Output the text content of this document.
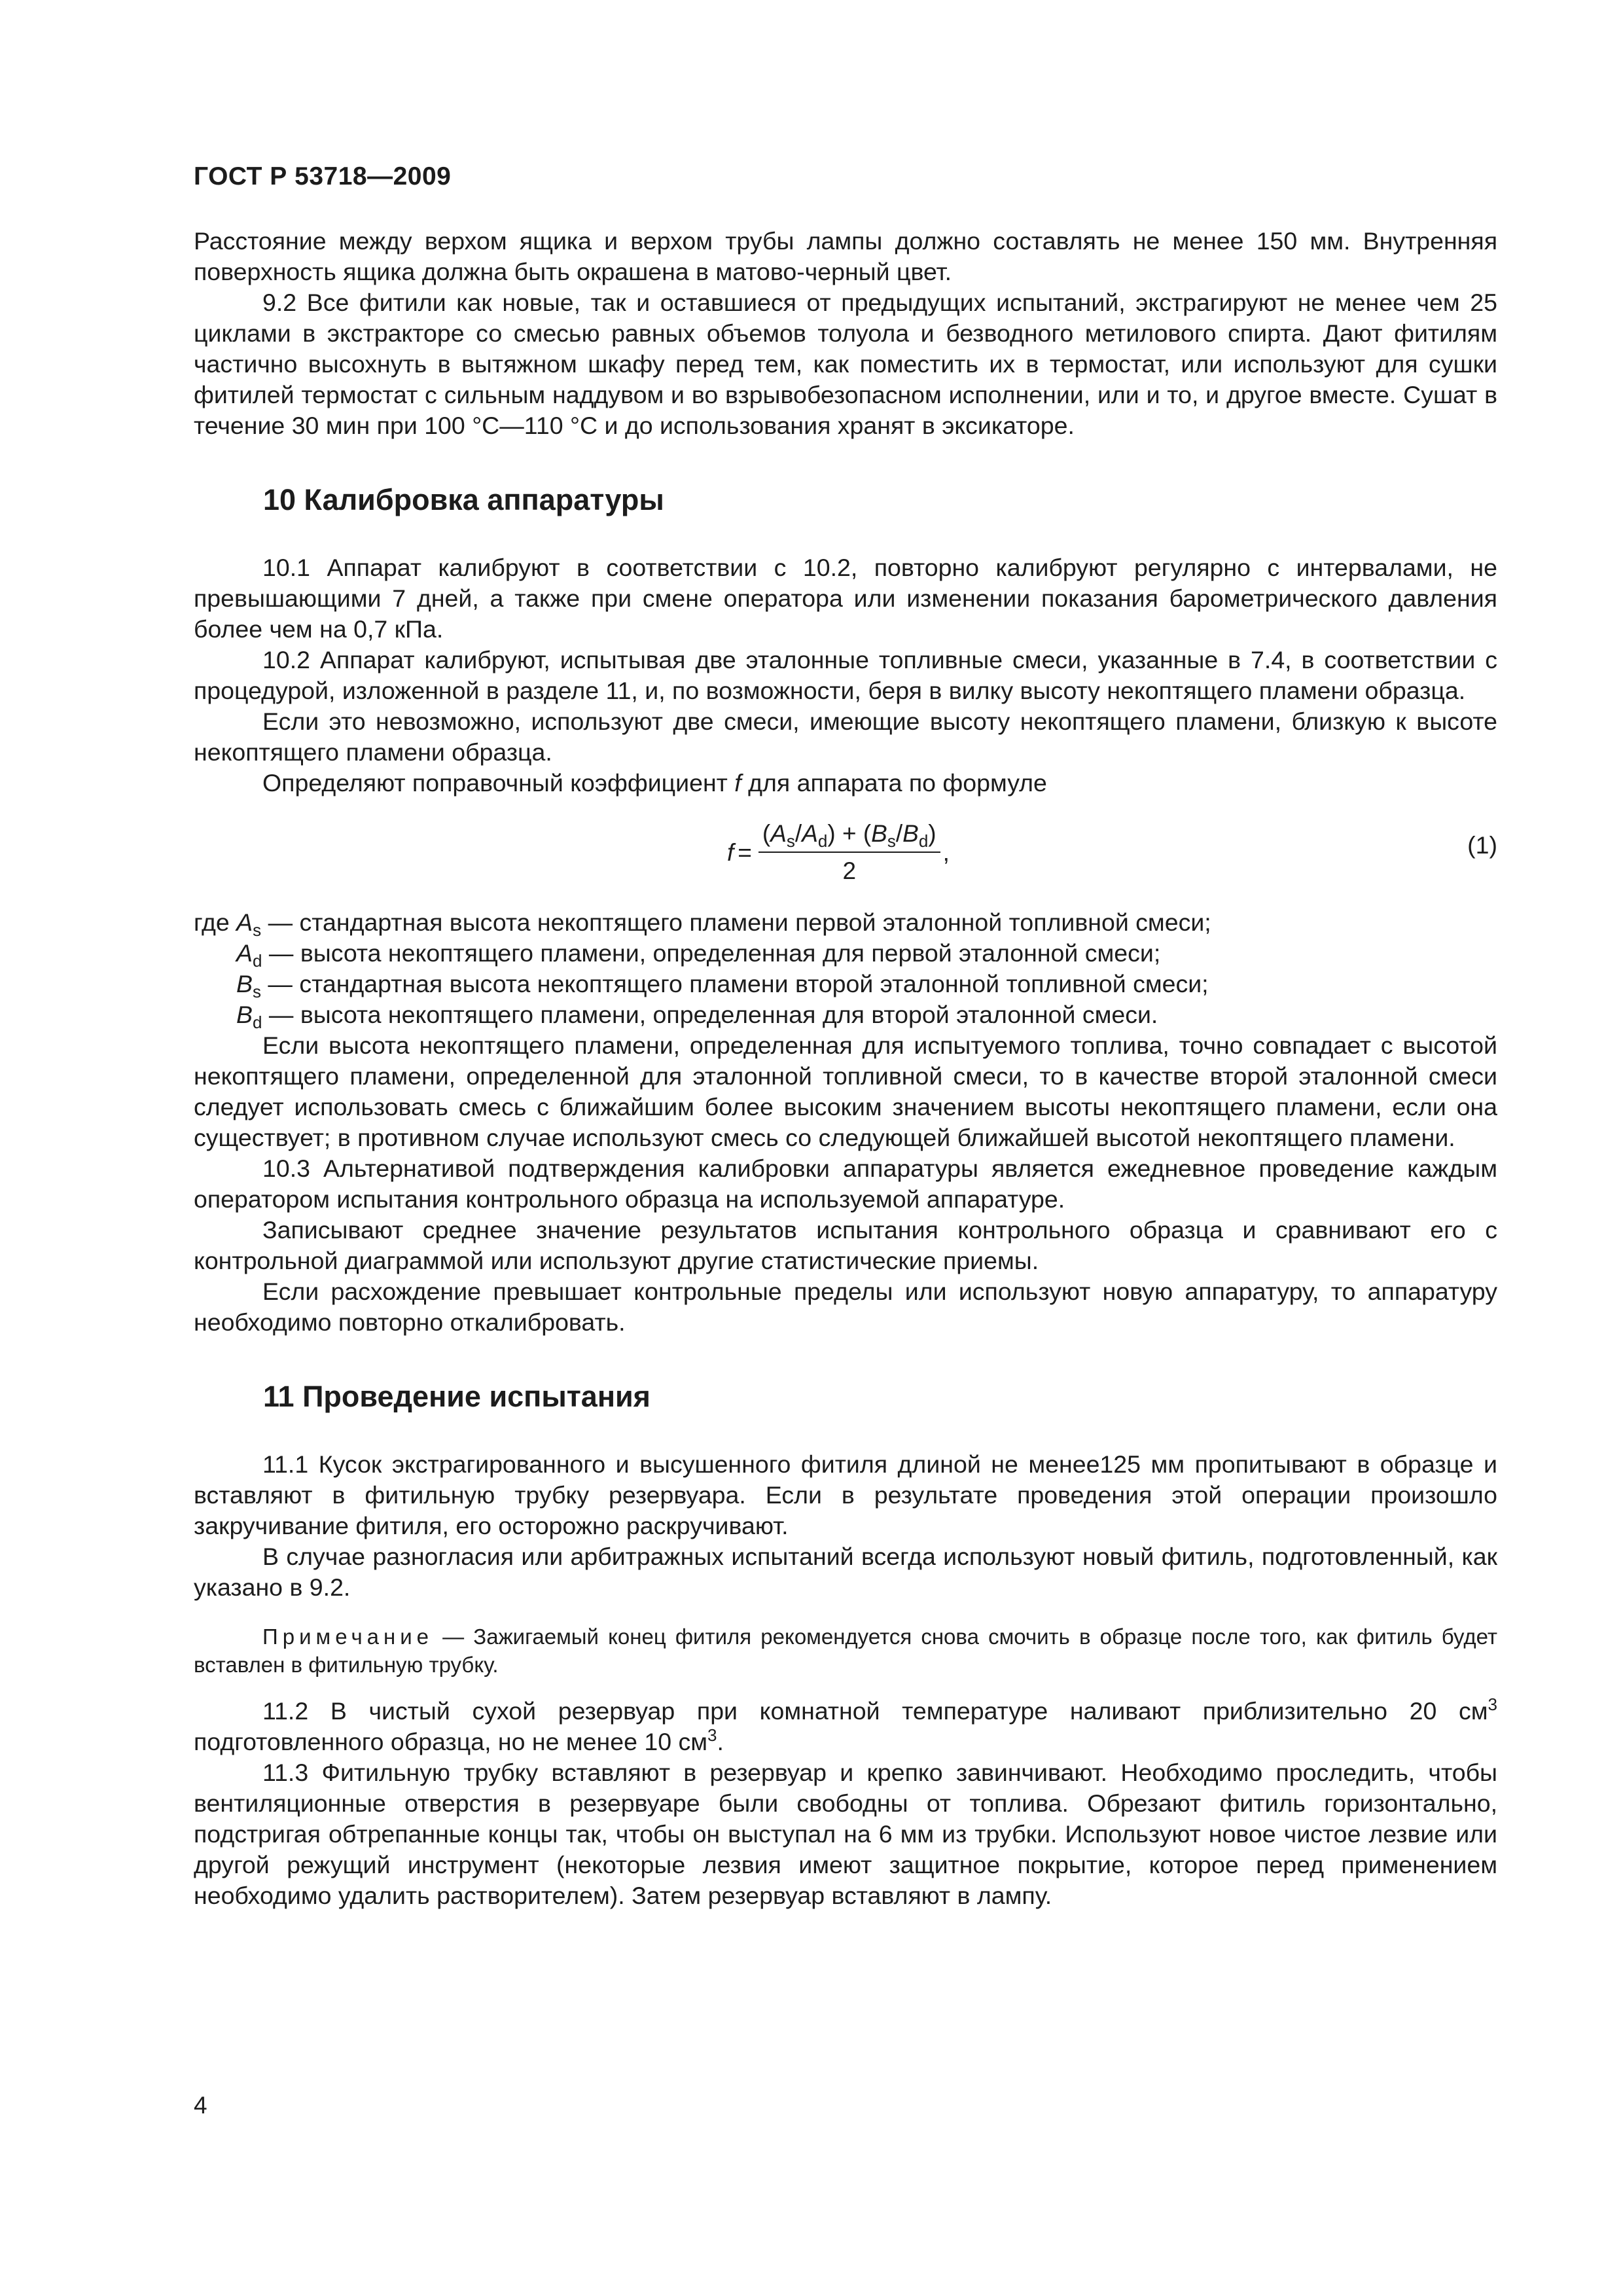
ГОСТ Р 53718—2009

Расстояние между верхом ящика и верхом трубы лампы должно составлять не менее 150 мм. Внутренняя поверхность ящика должна быть окрашена в матово-черный цвет.

9.2 Все фитили как новые, так и оставшиеся от предыдущих испытаний, экстрагируют не менее чем 25 циклами в экстракторе со смесью равных объемов толуола и безводного метилового спирта. Дают фитилям частично высохнуть в вытяжном шкафу перед тем, как поместить их в термостат, или используют для сушки фитилей термостат с сильным наддувом и во взрывобезопасном исполнении, или и то, и другое вместе. Сушат в течение 30 мин при 100 °С—110 °С и до использования хранят в эксикаторе.

10 Калибровка аппаратуры

10.1 Аппарат калибруют в соответствии с 10.2, повторно калибруют регулярно с интервалами, не превышающими 7 дней, а также при смене оператора или изменении показания барометрического давления более чем на 0,7 кПа.

10.2 Аппарат калибруют, испытывая две эталонные топливные смеси, указанные в 7.4, в соответствии с процедурой, изложенной в разделе 11, и, по возможности, беря в вилку высоту некоптящего пламени образца.

Если это невозможно, используют две смеси, имеющие высоту некоптящего пламени, близкую к высоте некоптящего пламени образца.

Определяют поправочный коэффициент f для аппарата по формуле

$f = \frac{(A_s/A_d) + (B_s/B_d)}{2}$ ,	(1)

где $A_s$ — стандартная высота некоптящего пламени первой эталонной топливной смеси;

$A_d$ — высота некоптящего пламени, определенная для первой эталонной смеси;

$B_s$ — стандартная высота некоптящего пламени второй эталонной топливной смеси;

$B_d$ — высота некоптящего пламени, определенная для второй эталонной смеси.

Если высота некоптящего пламени, определенная для испытуемого топлива, точно совпадает с высотой некоптящего пламени, определенной для эталонной топливной смеси, то в качестве второй эталонной смеси следует использовать смесь с ближайшим более высоким значением высоты некоптящего пламени, если она существует; в противном случае используют смесь со следующей ближайшей высотой некоптящего пламени.

10.3 Альтернативой подтверждения калибровки аппаратуры является ежедневное проведение каждым оператором испытания контрольного образца на используемой аппаратуре.

Записывают среднее значение результатов испытания контрольного образца и сравнивают его с контрольной диаграммой или используют другие статистические приемы.

Если расхождение превышает контрольные пределы или используют новую аппаратуру, то аппаратуру необходимо повторно откалибровать.

11 Проведение испытания

11.1 Кусок экстрагированного и высушенного фитиля длиной не менее125 мм пропитывают в образце и вставляют в фитильную трубку резервуара. Если в результате проведения этой операции произошло закручивание фитиля, его осторожно раскручивают.

В случае разногласия или арбитражных испытаний всегда используют новый фитиль, подготовленный, как указано в 9.2.

Примечание — Зажигаемый конец фитиля рекомендуется снова смочить в образце после того, как фитиль будет вставлен в фитильную трубку.

11.2 В чистый сухой резервуар при комнатной температуре наливают приблизительно 20 $см^3$ подготовленного образца, но не менее 10 $см^3$.

11.3 Фитильную трубку вставляют в резервуар и крепко завинчивают. Необходимо проследить, чтобы вентиляционные отверстия в резервуаре были свободны от топлива. Обрезают фитиль горизонтально, подстригая обтрепанные концы так, чтобы он выступал на 6 мм из трубки. Используют новое чистое лезвие или другой режущий инструмент (некоторые лезвия имеют защитное покрытие, которое перед применением необходимо удалить растворителем). Затем резервуар вставляют в лампу.

4
